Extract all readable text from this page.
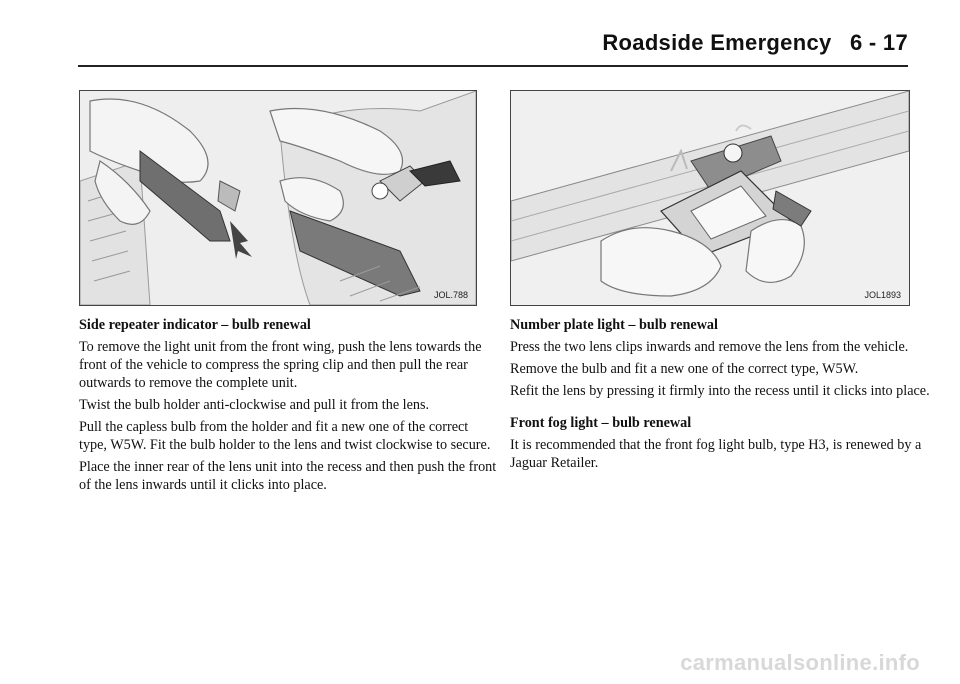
Roadside Emergency 6 - 17
JOL.788	JOL1893
Side repeater indicator – bulb renewal

To remove the light unit from the front wing, push the lens towards the front of the vehicle to compress the spring clip and then pull the rear outwards to remove the complete unit.

Twist the bulb holder anti-clockwise and pull it from the lens.

Pull the capless bulb from the holder and fit a new one of the correct type, W5W. Fit the bulb holder to the lens and twist clockwise to secure.

Place the inner rear of the lens unit into the recess and then push the front of the lens inwards until it clicks into place.

Number plate light – bulb renewal

Press the two lens clips inwards and remove the lens from the vehicle.

Remove the bulb and fit a new one of the correct type, W5W.

Refit the lens by pressing it firmly into the recess until it clicks into place.

Front fog light – bulb renewal

It is recommended that the front fog light bulb, type H3, is renewed by a Jaguar Retailer.

carmanualsonline.info
